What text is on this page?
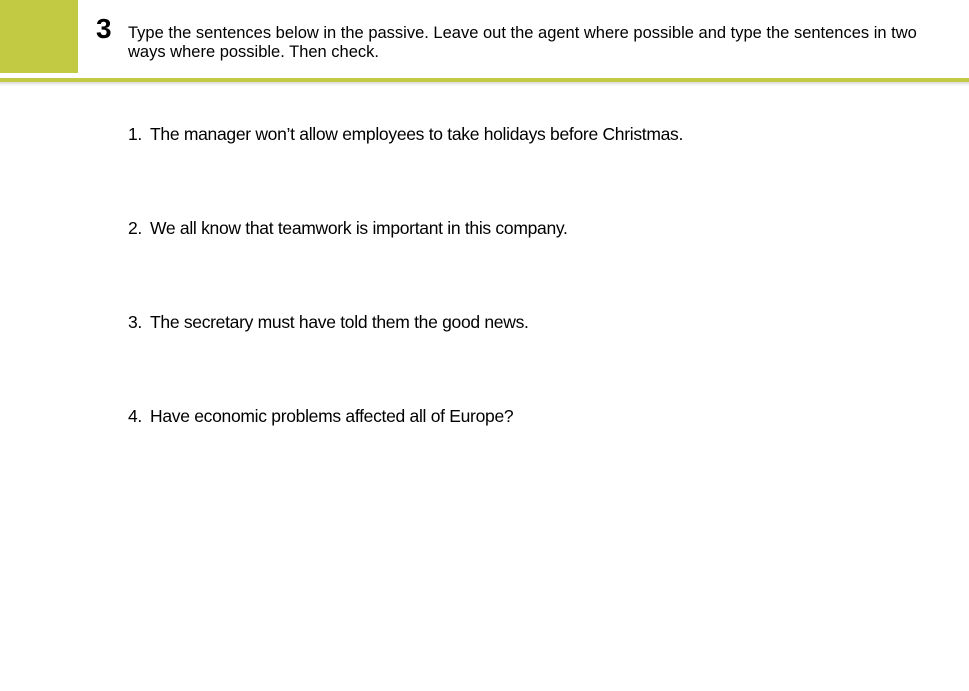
3 Type the sentences below in the passive. Leave out the agent where possible and type the sentences in two ways where possible. Then check.

1. The manager won’t allow employees to take holidays before Christmas.
2. We all know that teamwork is important in this company.
3. The secretary must have told them the good news.
4. Have economic problems affected all of Europe?
